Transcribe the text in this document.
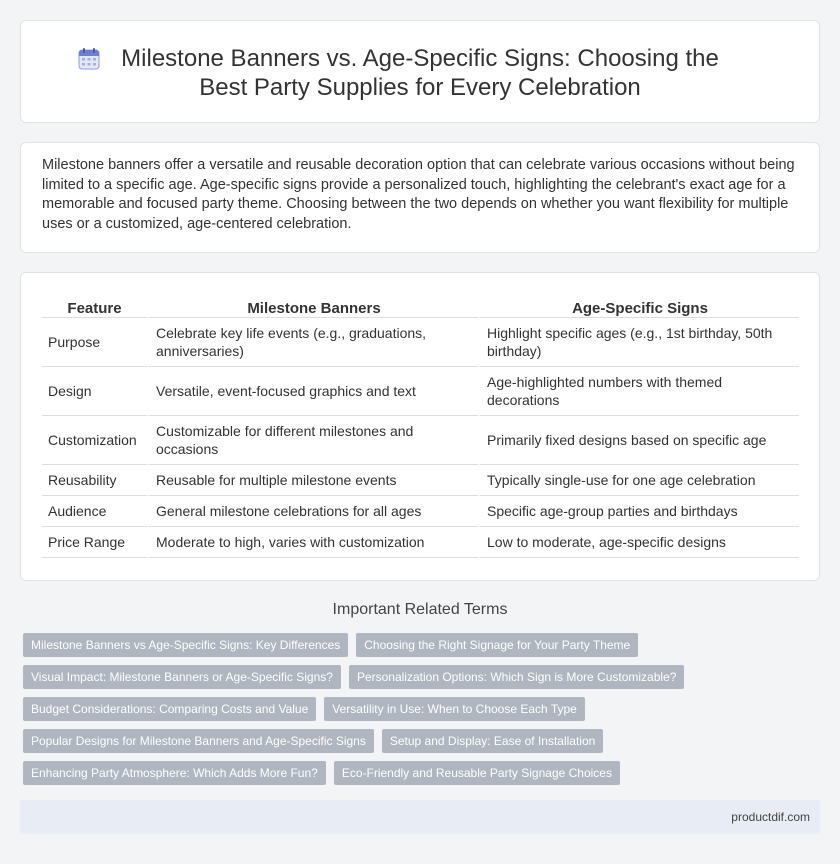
Milestone Banners vs. Age-Specific Signs: Choosing the Best Party Supplies for Every Celebration

Milestone banners offer a versatile and reusable decoration option that can celebrate various occasions without being limited to a specific age. Age-specific signs provide a personalized touch, highlighting the celebrant's exact age for a memorable and focused party theme. Choosing between the two depends on whether you want flexibility for multiple uses or a customized, age-centered celebration.

Feature	Milestone Banners	Age-Specific Signs
Purpose	Celebrate key life events (e.g., graduations, anniversaries)	Highlight specific ages (e.g., 1st birthday, 50th birthday)
Design	Versatile, event-focused graphics and text	Age-highlighted numbers with themed decorations
Customization	Customizable for different milestones and occasions	Primarily fixed designs based on specific age
Reusability	Reusable for multiple milestone events	Typically single-use for one age celebration
Audience	General milestone celebrations for all ages	Specific age-group parties and birthdays
Price Range	Moderate to high, varies with customization	Low to moderate, age-specific designs
Important Related Terms
Milestone Banners vs Age-Specific Signs: Key Differences	Choosing the Right Signage for Your Party Theme
Visual Impact: Milestone Banners or Age-Specific Signs?	Personalization Options: Which Sign is More Customizable?
Budget Considerations: Comparing Costs and Value	Versatility in Use: When to Choose Each Type
Popular Designs for Milestone Banners and Age-Specific Signs	Setup and Display: Ease of Installation
Enhancing Party Atmosphere: Which Adds More Fun?	Eco-Friendly and Reusable Party Signage Choices
productdif.com
